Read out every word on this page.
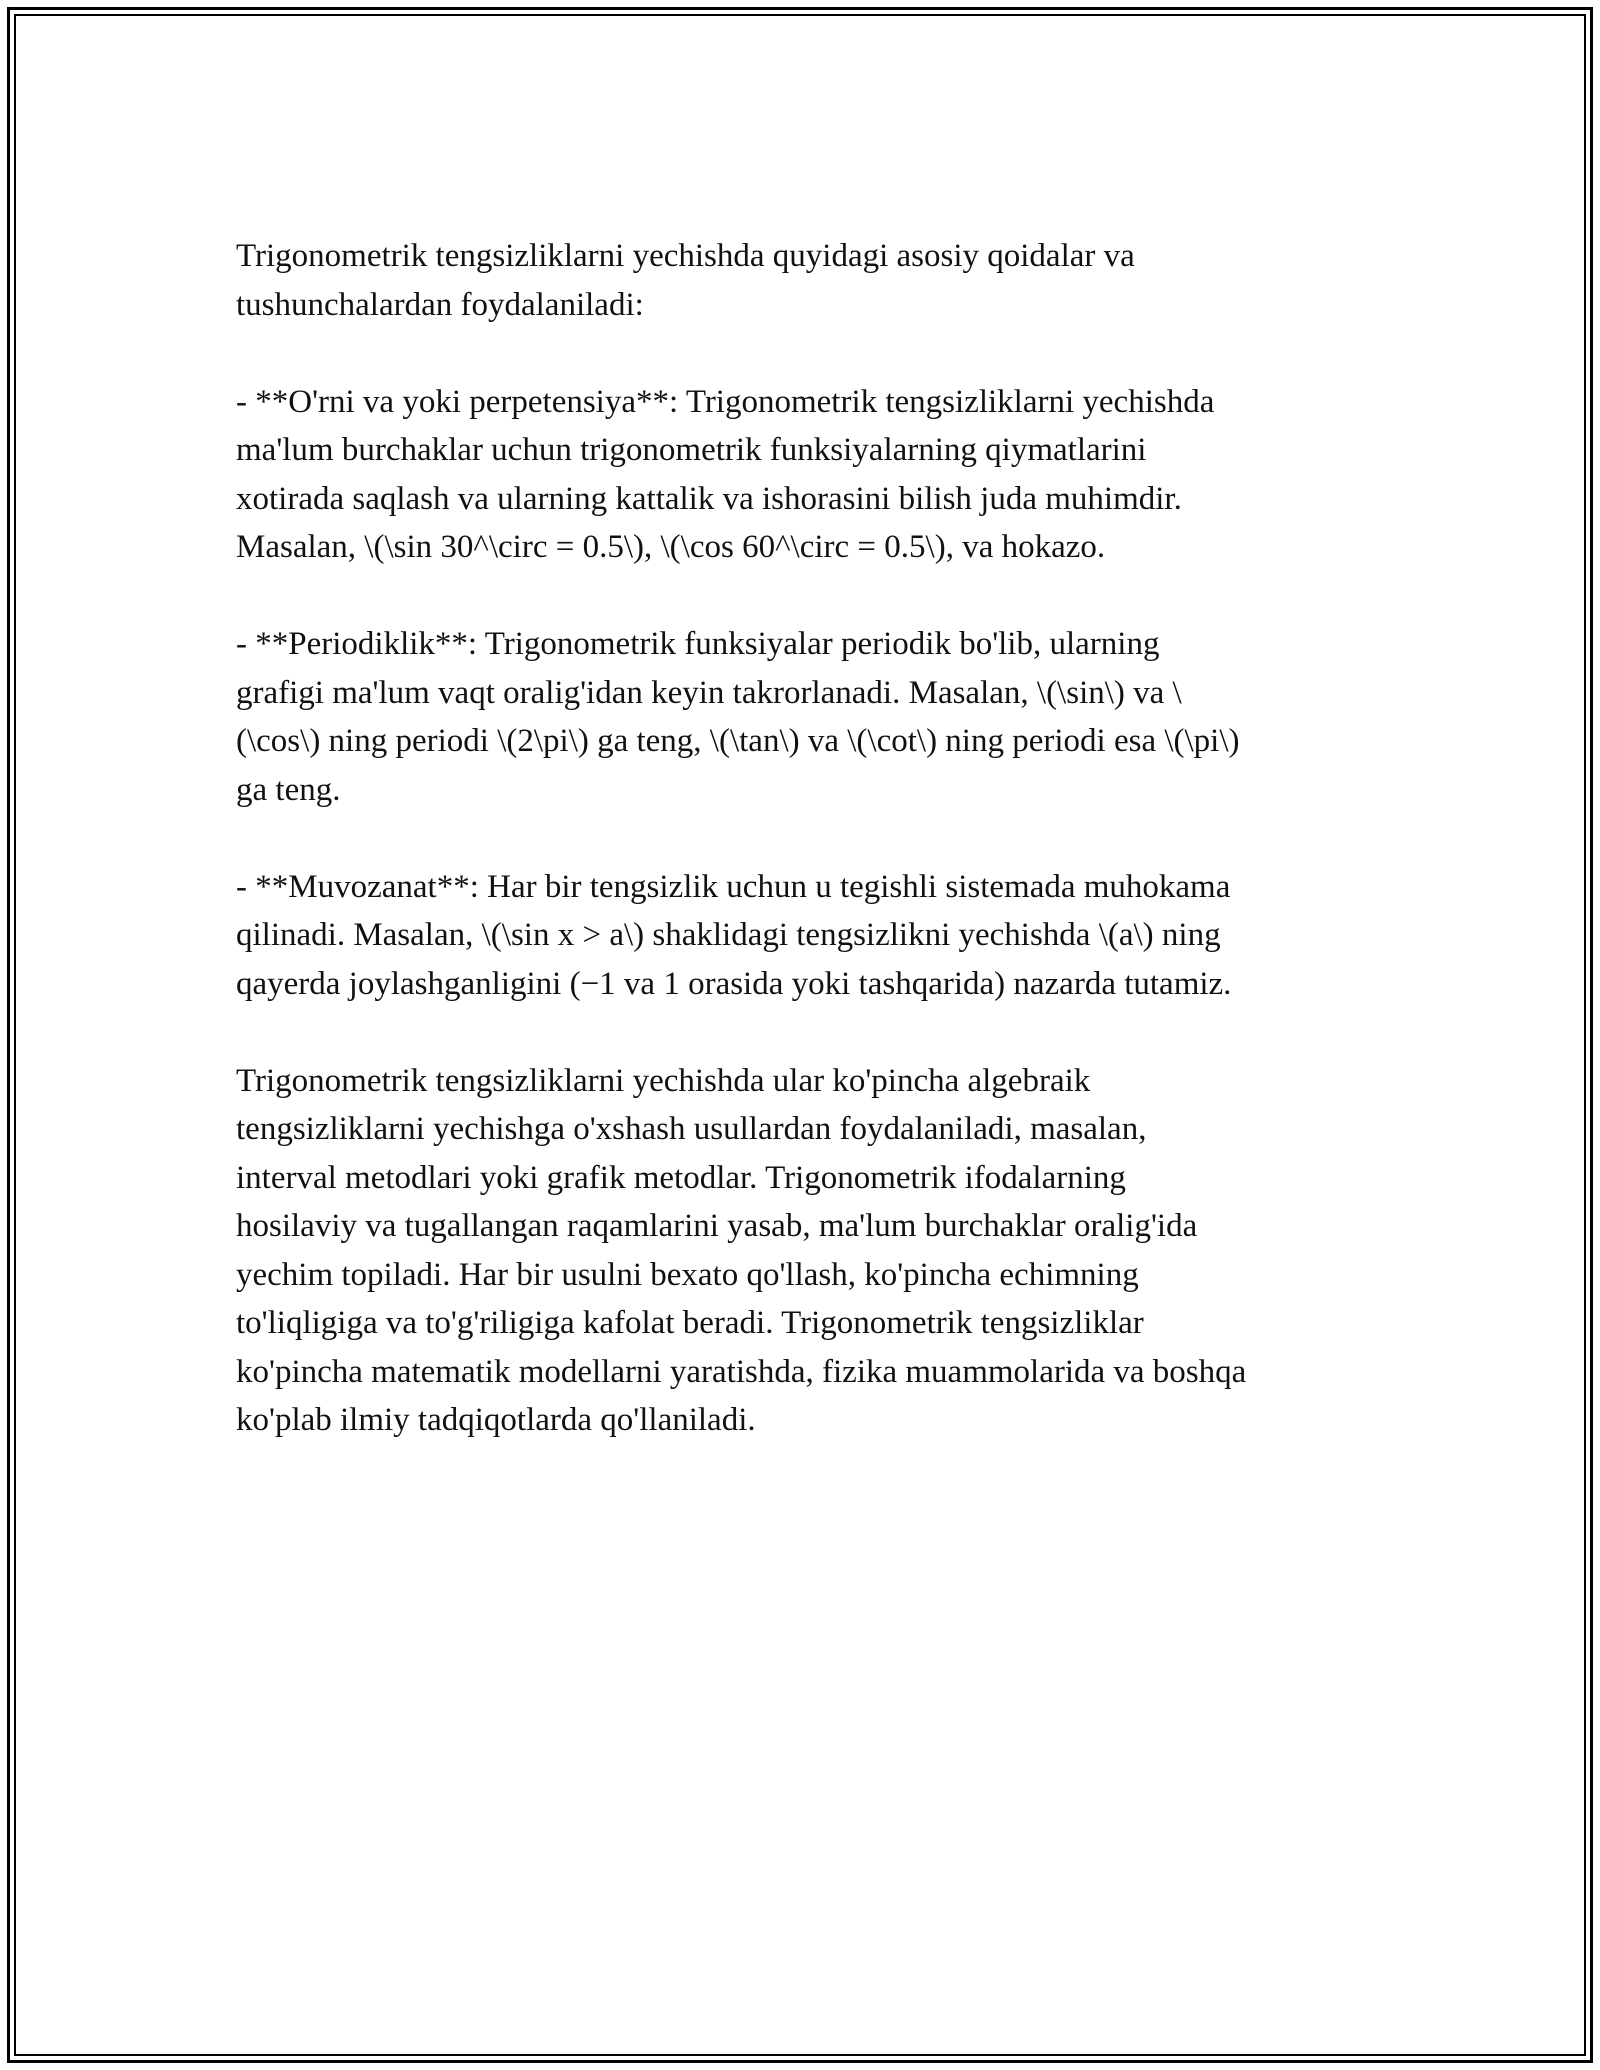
Trigonometrik tengsizliklarni yechishda quyidagi asosiy qoidalar va
tushunchalardan foydalaniladi:

- **O'rni va yoki perpetensiya**: Trigonometrik tengsizliklarni yechishda
ma'lum burchaklar uchun trigonometrik funksiyalarning qiymatlarini
xotirada saqlash va ularning kattalik va ishorasini bilish juda muhimdir.
Masalan, \(\sin 30^\circ = 0.5\), \(\cos 60^\circ = 0.5\), va hokazo.

- **Periodiklik**: Trigonometrik funksiyalar periodik bo'lib, ularning
grafigi ma'lum vaqt oralig'idan keyin takrorlanadi. Masalan, \(\sin\) va \
(\cos\) ning periodi \(2\pi\) ga teng, \(\tan\) va \(\cot\) ning periodi esa \(\pi\)
ga teng.

- **Muvozanat**: Har bir tengsizlik uchun u tegishli sistemada muhokama
qilinadi. Masalan, \(\sin x > a\) shaklidagi tengsizlikni yechishda \(a\) ning
qayerda joylashganligini (−1 va 1 orasida yoki tashqarida) nazarda tutamiz.

Trigonometrik tengsizliklarni yechishda ular ko'pincha algebraik
tengsizliklarni yechishga o'xshash usullardan foydalaniladi, masalan,
interval metodlari yoki grafik metodlar. Trigonometrik ifodalarning
hosilaviy va tugallangan raqamlarini yasab, ma'lum burchaklar oralig'ida
yechim topiladi. Har bir usulni bexato qo'llash, ko'pincha echimning
to'liqligiga va to'g'riligiga kafolat beradi. Trigonometrik tengsizliklar
ko'pincha matematik modellarni yaratishda, fizika muammolarida va boshqa
ko'plab ilmiy tadqiqotlarda qo'llaniladi.
